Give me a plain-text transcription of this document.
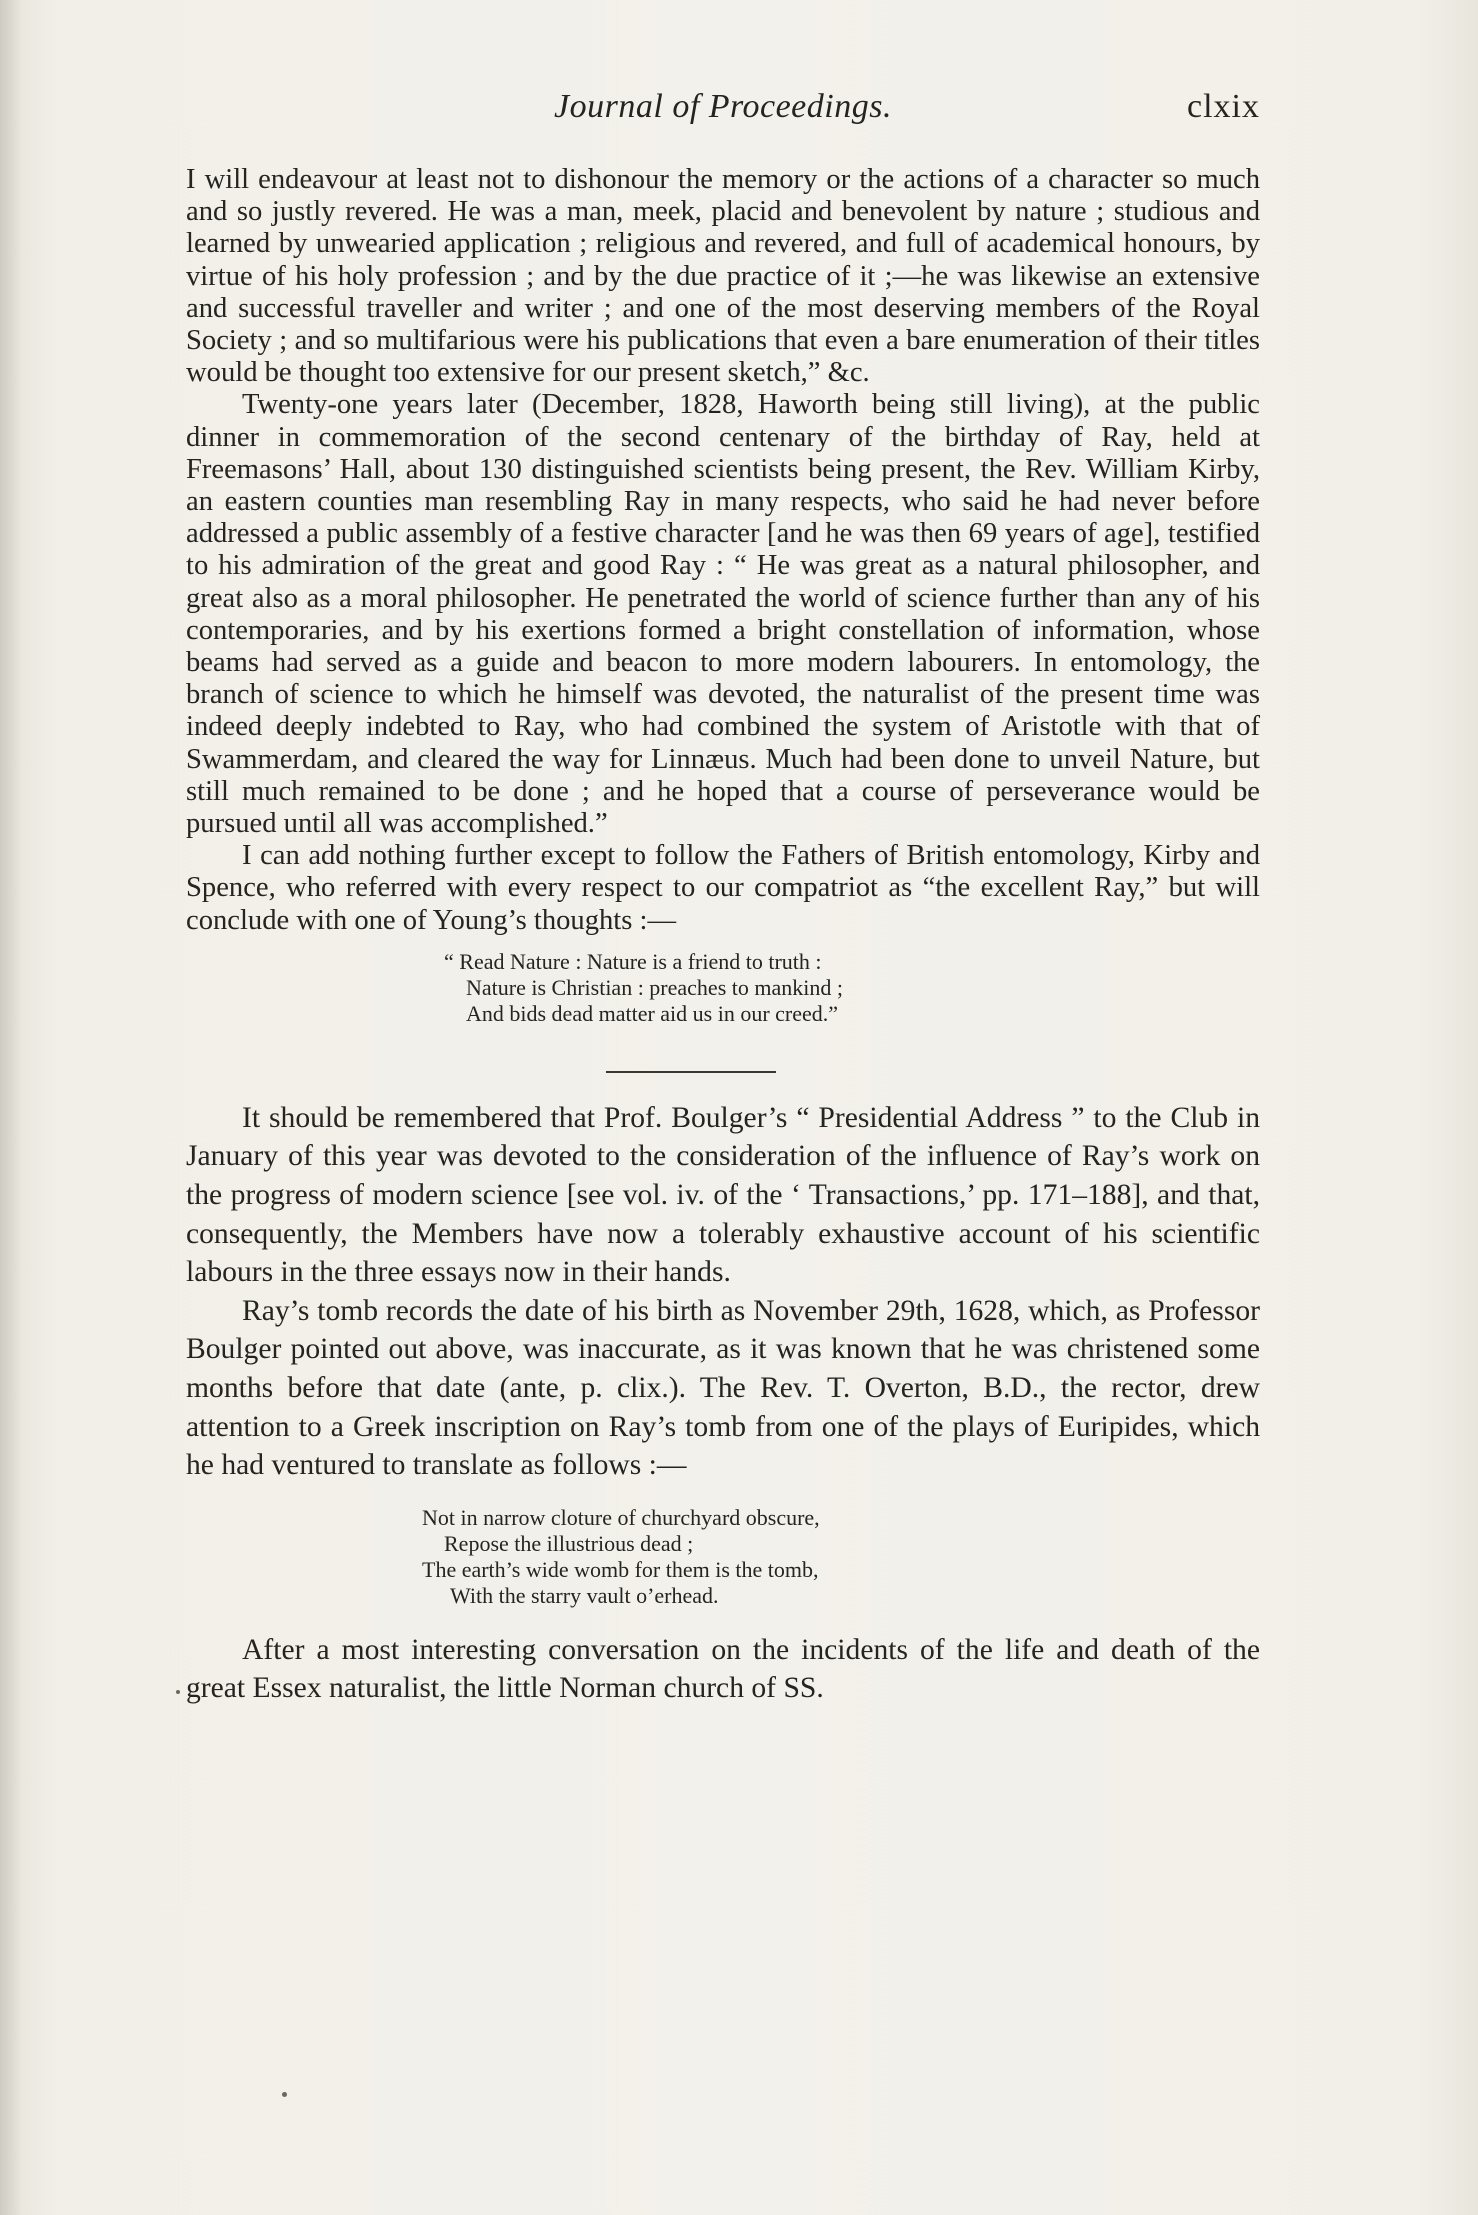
Journal of Proceedings.	clxix

I will endeavour at least not to dishonour the memory or the actions of a character so much and so justly revered. He was a man, meek, placid and benevolent by nature ; studious and learned by unwearied application ; religious and revered, and full of academical honours, by virtue of his holy profession ; and by the due practice of it ;—he was likewise an extensive and successful traveller and writer ; and one of the most deserving members of the Royal Society ; and so multifarious were his publications that even a bare enumeration of their titles would be thought too extensive for our present sketch,” &c.

Twenty-one years later (December, 1828, Haworth being still living), at the public dinner in commemoration of the second centenary of the birthday of Ray, held at Freemasons’ Hall, about 130 distinguished scientists being present, the Rev. William Kirby, an eastern counties man resembling Ray in many respects, who said he had never before addressed a public assembly of a festive character [and he was then 69 years of age], testified to his admiration of the great and good Ray : “ He was great as a natural philosopher, and great also as a moral philosopher. He penetrated the world of science further than any of his contemporaries, and by his exertions formed a bright constellation of information, whose beams had served as a guide and beacon to more modern labourers. In entomology, the branch of science to which he himself was devoted, the naturalist of the present time was indeed deeply indebted to Ray, who had combined the system of Aristotle with that of Swammerdam, and cleared the way for Linnæus. Much had been done to unveil Nature, but still much remained to be done ; and he hoped that a course of perseverance would be pursued until all was accomplished.”

I can add nothing further except to follow the Fathers of British entomology, Kirby and Spence, who referred with every respect to our compatriot as “the excellent Ray,” but will conclude with one of Young’s thoughts :—

“ Read Nature : Nature is a friend to truth :
Nature is Christian : preaches to mankind ;
And bids dead matter aid us in our creed.”

It should be remembered that Prof. Boulger’s “ Presidential Address ” to the Club in January of this year was devoted to the consideration of the influence of Ray’s work on the progress of modern science [see vol. iv. of the ‘ Transactions,’ pp. 171–188], and that, consequently, the Members have now a tolerably exhaustive account of his scientific labours in the three essays now in their hands.

Ray’s tomb records the date of his birth as November 29th, 1628, which, as Professor Boulger pointed out above, was inaccurate, as it was known that he was christened some months before that date (ante, p. clix.). The Rev. T. Overton, B.D., the rector, drew attention to a Greek inscription on Ray’s tomb from one of the plays of Euripides, which he had ventured to translate as follows :—

Not in narrow cloture of churchyard obscure,
Repose the illustrious dead ;
The earth’s wide womb for them is the tomb,
With the starry vault o’erhead.

After a most interesting conversation on the incidents of the life and death of the great Essex naturalist, the little Norman church of SS.
